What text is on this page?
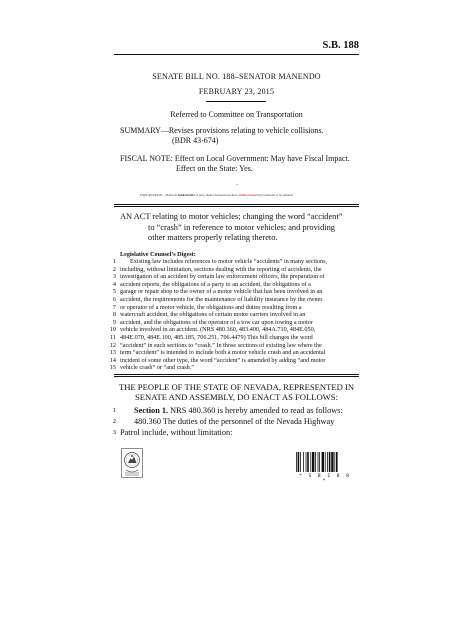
S.B. 188
SENATE BILL NO. 188–SENATOR MANENDO
FEBRUARY 23, 2015
Referred to Committee on Transportation
SUMMARY—Revises provisions relating to vehicle collisions.
(BDR 43-674)
FISCAL NOTE: Effect on Local Government: May have Fiscal Impact.
Effect on the State: Yes.
~
EXPLANATION – Matter in bolded italics is new; matter between brackets [omitted material] is material to be omitted.
AN ACT relating to motor vehicles; changing the word “accident”
to “crash” in reference to motor vehicles; and providing
other matters properly relating thereto.
Legislative Counsel’s Digest:
1
2
3
4
5
6
7
8
9
10
11
12
13
14
15
Existing law includes references to motor vehicle “accidents” in many sections,
including, without limitation, sections dealing with the reporting of accidents, the
investigation of an accident by certain law enforcement officers, the preparation of
accident reports, the obligations of a party to an accident, the obligations of a
garage or repair shop to the owner of a motor vehicle that has been involved in an
accident, the requirements for the maintenance of liability insurance by the owner
or operator of a motor vehicle, the obligations and duties resulting from a
watercraft accident, the obligations of certain motor carriers involved in an
accident, and the obligations of the operator of a tow car upon towing a motor
vehicle involved in an accident. (NRS 480.360, 483.400, 484A.710, 484E.050,
484E.070, 484E.100, 485.185, 706.251, 706.4479) This bill changes the word
“accident” in such sections to “crash.” In those sections of existing law where the
term “accident” is intended to include both a motor vehicle crash and an accidental
incident of some other type, the word “accident” is amended by adding “and motor
vehicle crash” or “and crash.”
THE PEOPLE OF THE STATE OF NEVADA, REPRESENTED IN
SENATE AND ASSEMBLY, DO ENACT AS FOLLOWS:
1
2
3
Section 1. NRS 480.360 is hereby amended to read as follows:
480.360 The duties of the personnel of the Nevada Highway
Patrol include, without limitation:
* S B 1 8 8 *
